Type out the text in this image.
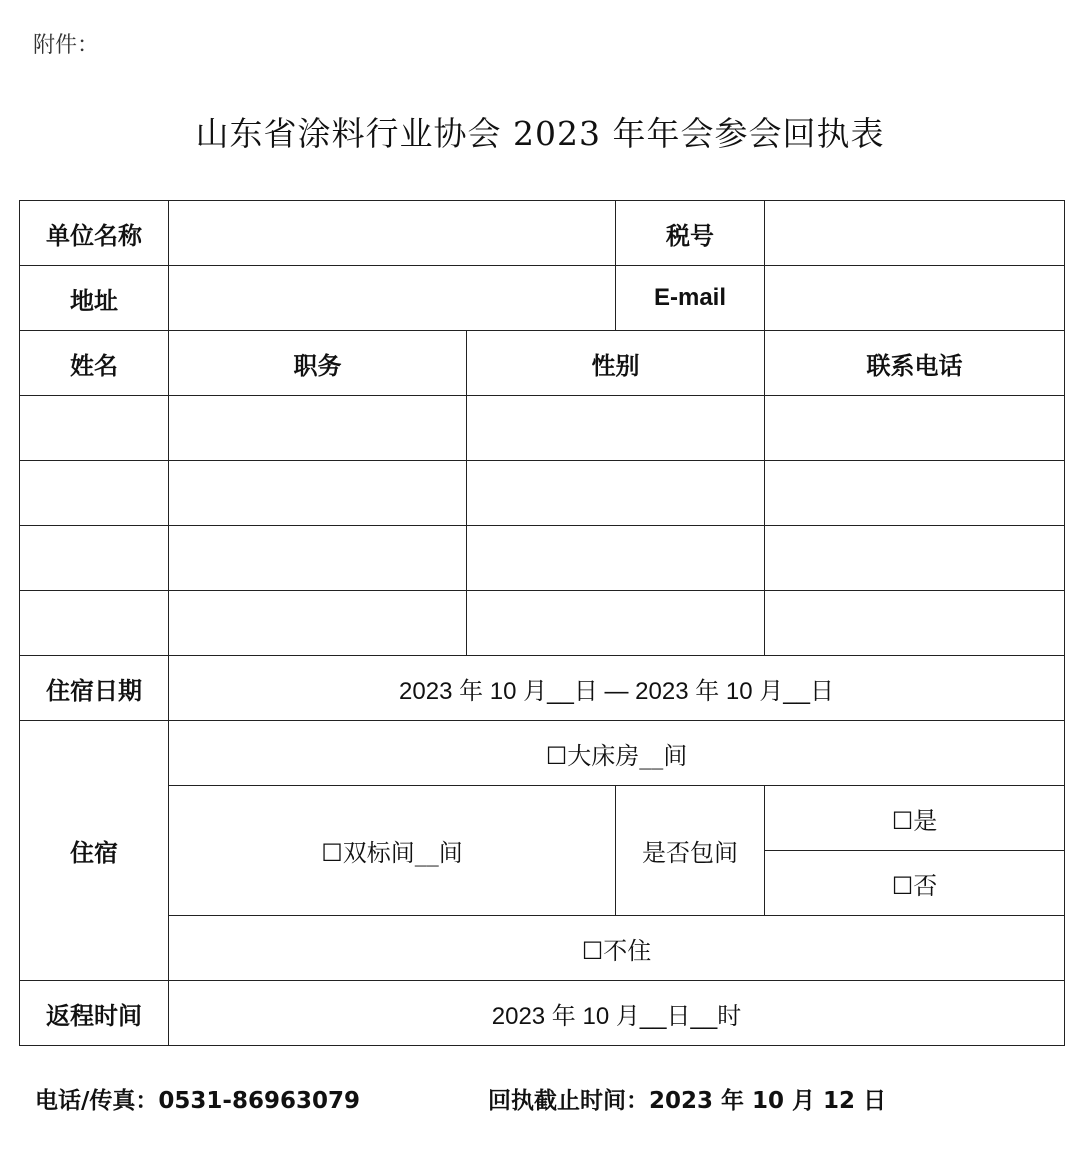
附件：
山东省涂料行业协会 2023 年年会参会回执表
单位名称			税号	
地址			E-mail	
姓名	职务	性别		联系电话

住宿日期	2023 年 10 月__日 — 2023 年 10 月__日			
住宿	☐大床房__间			
	☐双标间__间		是否包间	☐是
				☐否
	☐不住			
返程时间	2023 年 10 月__日__时			
电话/传真：0531-86963079	回执截止时间：2023 年 10 月 12 日
